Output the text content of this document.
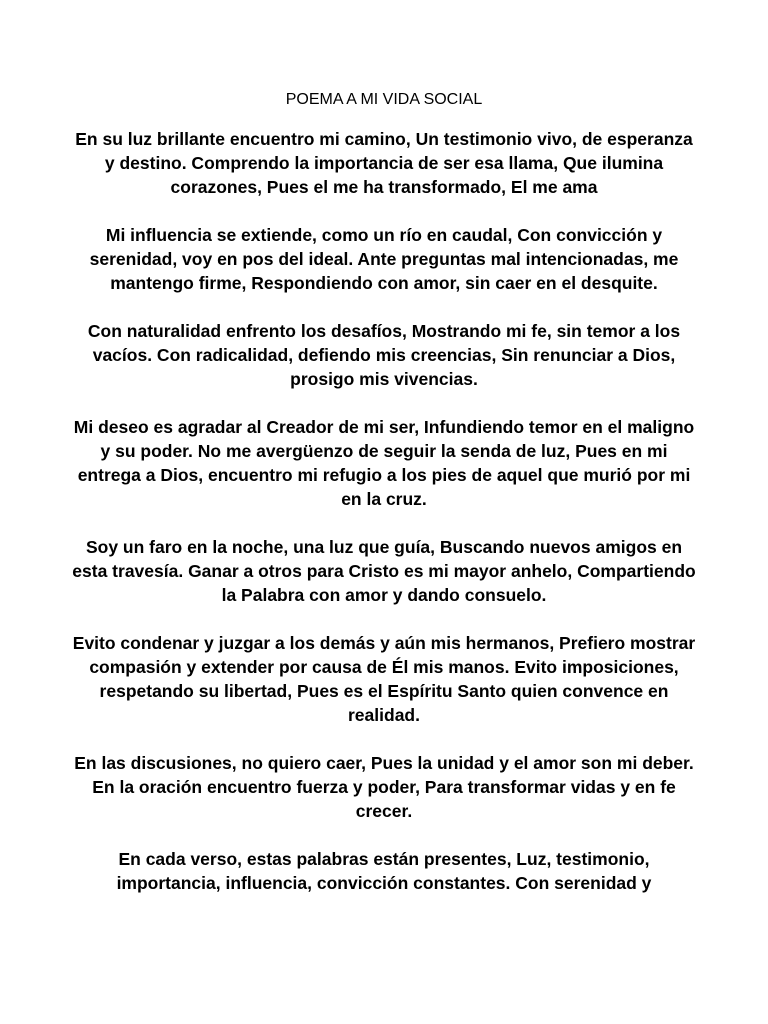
POEMA A MI VIDA SOCIAL

En su luz brillante encuentro mi camino, Un testimonio vivo, de esperanza y destino. Comprendo la importancia de ser esa llama, Que ilumina corazones, Pues el me ha transformado, El me ama

Mi influencia se extiende, como un río en caudal, Con convicción y serenidad, voy en pos del ideal. Ante preguntas mal intencionadas, me mantengo firme, Respondiendo con amor, sin caer en el desquite.

Con naturalidad enfrento los desafíos, Mostrando mi fe, sin temor a los vacíos. Con radicalidad, defiendo mis creencias, Sin renunciar a Dios, prosigo mis vivencias.

Mi deseo es agradar al Creador de mi ser, Infundiendo temor en el maligno y su poder. No me avergüenzo de seguir la senda de luz, Pues en mi entrega a Dios, encuentro mi refugio a los pies de aquel que murió por mi en la cruz.

Soy un faro en la noche, una luz que guía, Buscando nuevos amigos en esta travesía. Ganar a otros para Cristo es mi mayor anhelo, Compartiendo la Palabra con amor y dando consuelo.

Evito condenar y juzgar a los demás y aún mis hermanos, Prefiero mostrar compasión y extender por causa de Él mis manos. Evito imposiciones, respetando su libertad, Pues es el Espíritu Santo quien convence en realidad.

En las discusiones, no quiero caer, Pues la unidad y el amor son mi deber. En la oración encuentro fuerza y poder, Para transformar vidas y en fe crecer.

En cada verso, estas palabras están presentes, Luz, testimonio, importancia, influencia, convicción constantes. Con serenidad y
